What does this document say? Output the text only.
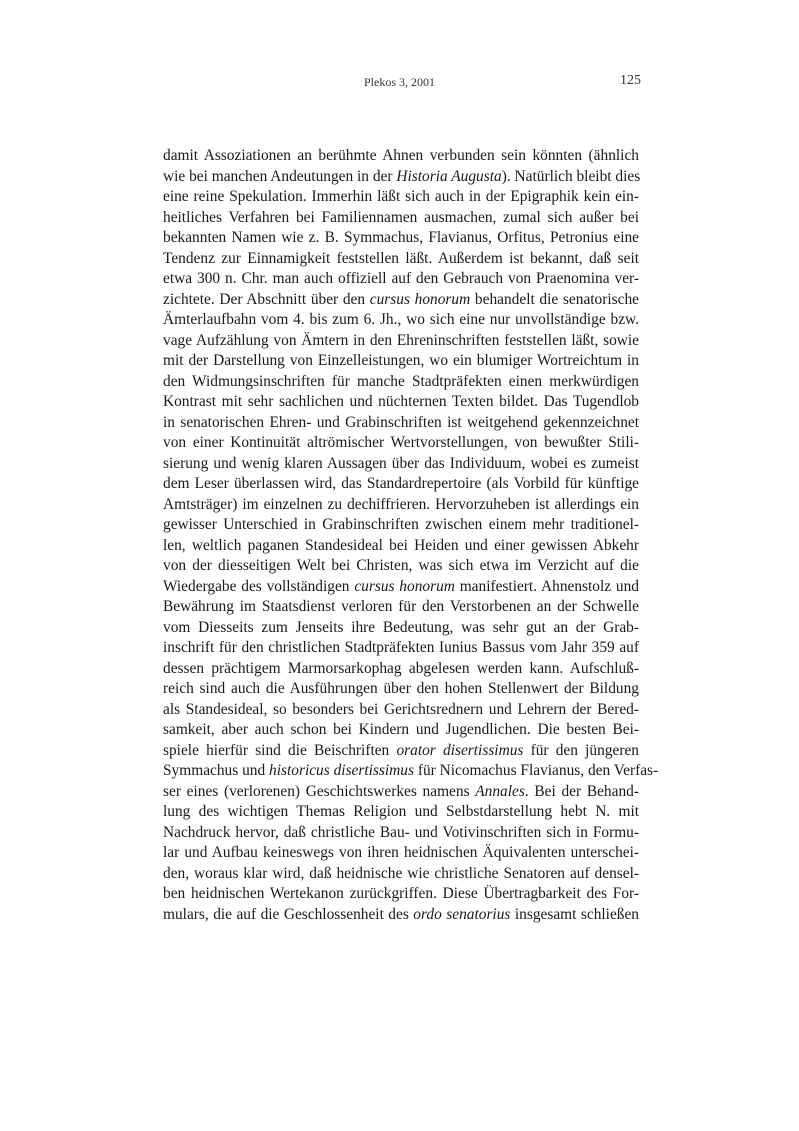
Plekos 3, 2001	125
damit Assoziationen an berühmte Ahnen verbunden sein könnten (ähnlich
wie bei manchen Andeutungen in der Historia Augusta). Natürlich bleibt dies
eine reine Spekulation. Immerhin läßt sich auch in der Epigraphik kein ein-
heitliches Verfahren bei Familiennamen ausmachen, zumal sich außer bei
bekannten Namen wie z. B. Symmachus, Flavianus, Orfitus, Petronius eine
Tendenz zur Einnamigkeit feststellen läßt. Außerdem ist bekannt, daß seit
etwa 300 n. Chr. man auch offiziell auf den Gebrauch von Praenomina ver-
zichtete. Der Abschnitt über den cursus honorum behandelt die senatorische
Ämterlaufbahn vom 4. bis zum 6. Jh., wo sich eine nur unvollständige bzw.
vage Aufzählung von Ämtern in den Ehreninschriften feststellen läßt, sowie
mit der Darstellung von Einzelleistungen, wo ein blumiger Wortreichtum in
den Widmungsinschriften für manche Stadtpräfekten einen merkwürdigen
Kontrast mit sehr sachlichen und nüchternen Texten bildet. Das Tugendlob
in senatorischen Ehren- und Grabinschriften ist weitgehend gekennzeichnet
von einer Kontinuität altrömischer Wertvorstellungen, von bewußter Stili-
sierung und wenig klaren Aussagen über das Individuum, wobei es zumeist
dem Leser überlassen wird, das Standardrepertoire (als Vorbild für künftige
Amtsträger) im einzelnen zu dechiffrieren. Hervorzuheben ist allerdings ein
gewisser Unterschied in Grabinschriften zwischen einem mehr traditionel-
len, weltlich paganen Standesideal bei Heiden und einer gewissen Abkehr
von der diesseitigen Welt bei Christen, was sich etwa im Verzicht auf die
Wiedergabe des vollständigen cursus honorum manifestiert. Ahnenstolz und
Bewährung im Staatsdienst verloren für den Verstorbenen an der Schwelle
vom Diesseits zum Jenseits ihre Bedeutung, was sehr gut an der Grab-
inschrift für den christlichen Stadtpräfekten Iunius Bassus vom Jahr 359 auf
dessen prächtigem Marmorsarkophag abgelesen werden kann. Aufschluß-
reich sind auch die Ausführungen über den hohen Stellenwert der Bildung
als Standesideal, so besonders bei Gerichtsrednern und Lehrern der Bered-
samkeit, aber auch schon bei Kindern und Jugendlichen. Die besten Bei-
spiele hierfür sind die Beischriften orator disertissimus für den jüngeren
Symmachus und historicus disertissimus für Nicomachus Flavianus, den Verfas-
ser eines (verlorenen) Geschichtswerkes namens Annales. Bei der Behand-
lung des wichtigen Themas Religion und Selbstdarstellung hebt N. mit
Nachdruck hervor, daß christliche Bau- und Votivinschriften sich in Formu-
lar und Aufbau keineswegs von ihren heidnischen Äquivalenten unterschei-
den, woraus klar wird, daß heidnische wie christliche Senatoren auf densel-
ben heidnischen Wertekanon zurückgriffen. Diese Übertragbarkeit des For-
mulars, die auf die Geschlossenheit des ordo senatorius insgesamt schließen
